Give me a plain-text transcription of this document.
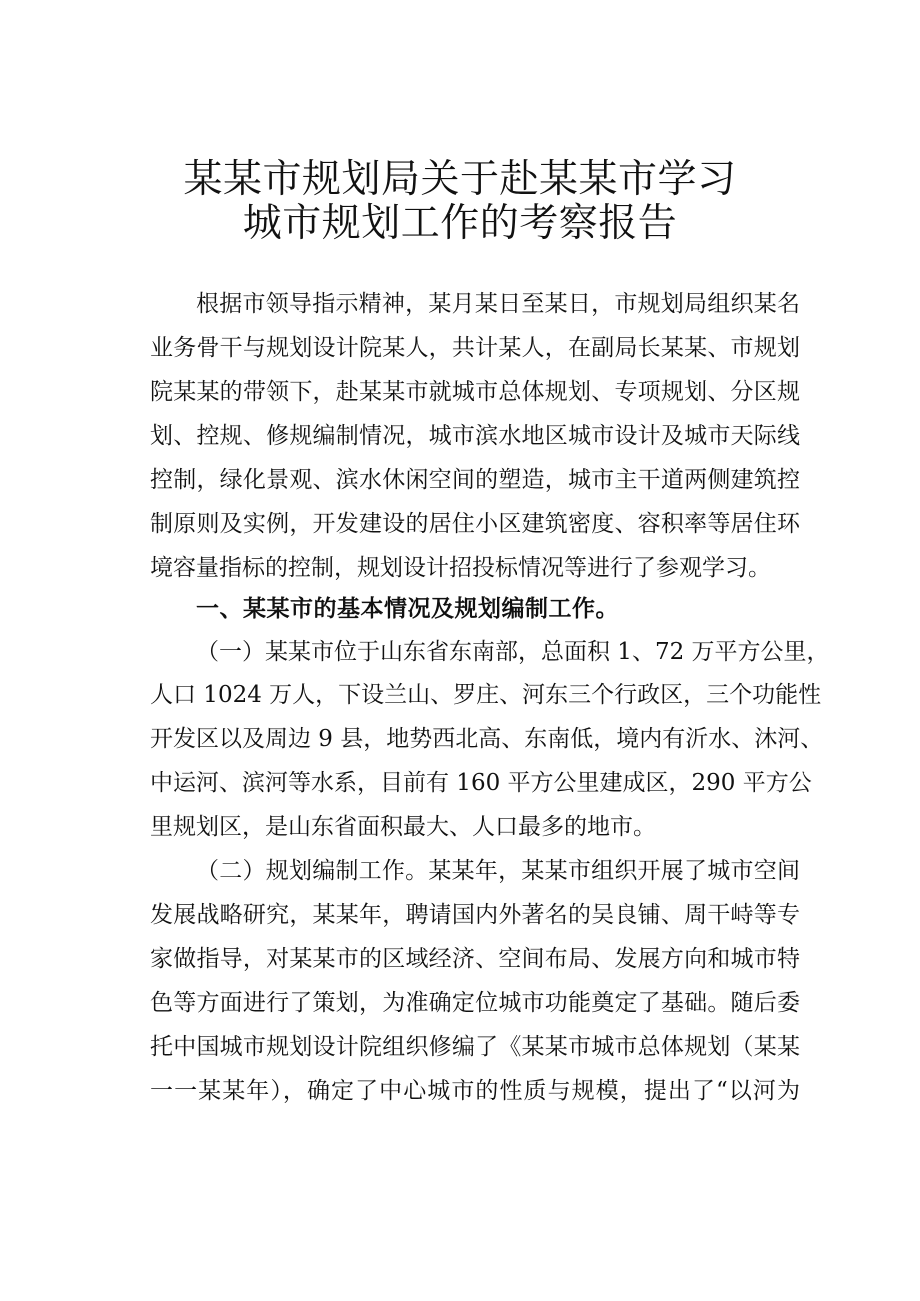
某某市规划局关于赴某某市学习
城市规划工作的考察报告
根据市领导指示精神，某月某日至某日，市规划局组织某名
业务骨干与规划设计院某人，共计某人，在副局长某某、市规划
院某某的带领下，赴某某市就城市总体规划、专项规划、分区规
划、控规、修规编制情况，城市滨水地区城市设计及城市天际线
控制，绿化景观、滨水休闲空间的塑造，城市主干道两侧建筑控
制原则及实例，开发建设的居住小区建筑密度、容积率等居住环
境容量指标的控制，规划设计招投标情况等进行了参观学习。
一、某某市的基本情况及规划编制工作。
（一）某某市位于山东省东南部，总面积 1、72 万平方公里，
人口 1024 万人，下设兰山、罗庄、河东三个行政区，三个功能性
开发区以及周边 9 县，地势西北高、东南低，境内有沂水、沐河、
中运河、滨河等水系，目前有 160 平方公里建成区，290 平方公
里规划区，是山东省面积最大、人口最多的地市。
（二）规划编制工作。某某年，某某市组织开展了城市空间
发展战略研究，某某年，聘请国内外著名的吴良铺、周干峙等专
家做指导，对某某市的区域经济、空间布局、发展方向和城市特
色等方面进行了策划，为准确定位城市功能奠定了基础。随后委
托中国城市规划设计院组织修编了《某某市城市总体规划（某某
一一某某年），确定了中心城市的性质与规模，提出了“以河为
